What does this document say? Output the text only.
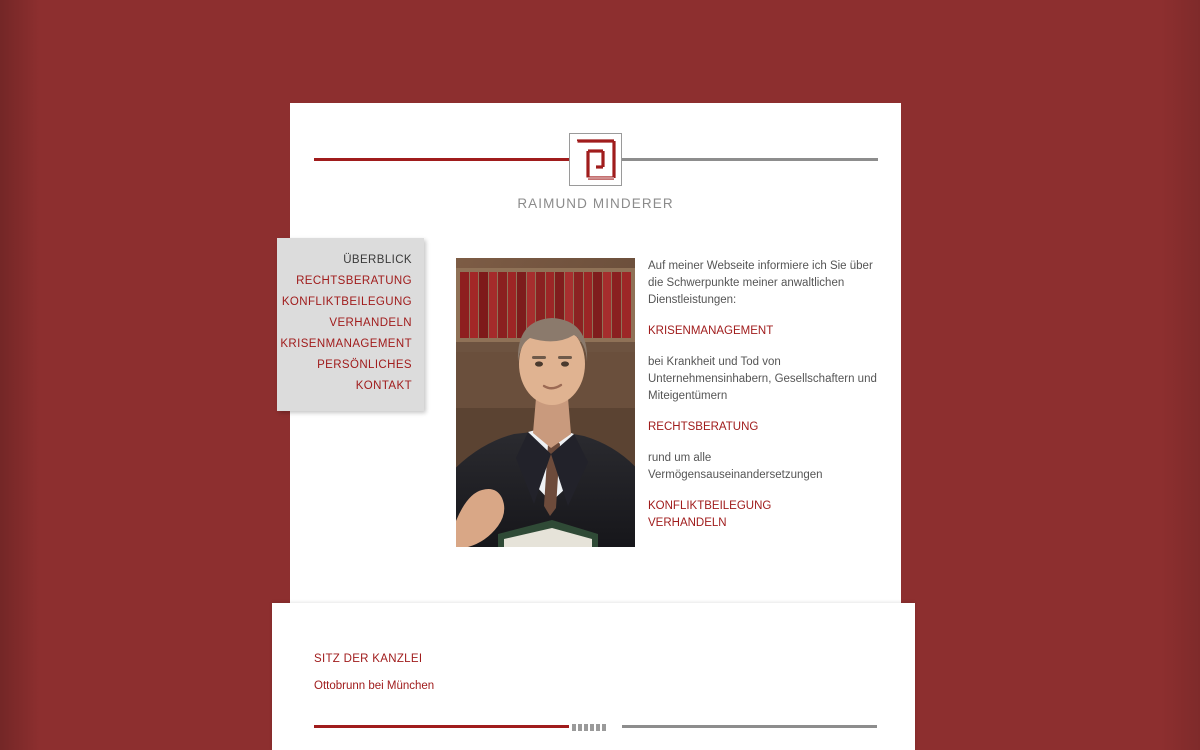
RAIMUND MINDERER
ÜBERBLICK
RECHTSBERATUNG
KONFLIKTBEILEGUNG
VERHANDELN
KRISENMANAGEMENT
PERSÖNLICHES
KONTAKT

Auf meiner Webseite informiere ich Sie über die Schwerpunkte meiner anwaltlichen Dienstleistungen:

KRISENMANAGEMENT

bei Krankheit und Tod von Unternehmensinhabern, Gesellschaftern und Miteigentümern

RECHTSBERATUNG

rund um alle Vermögensauseinandersetzungen

KONFLIKTBEILEGUNG

VERHANDELN

SITZ DER KANZLEI
Ottobrunn bei München
